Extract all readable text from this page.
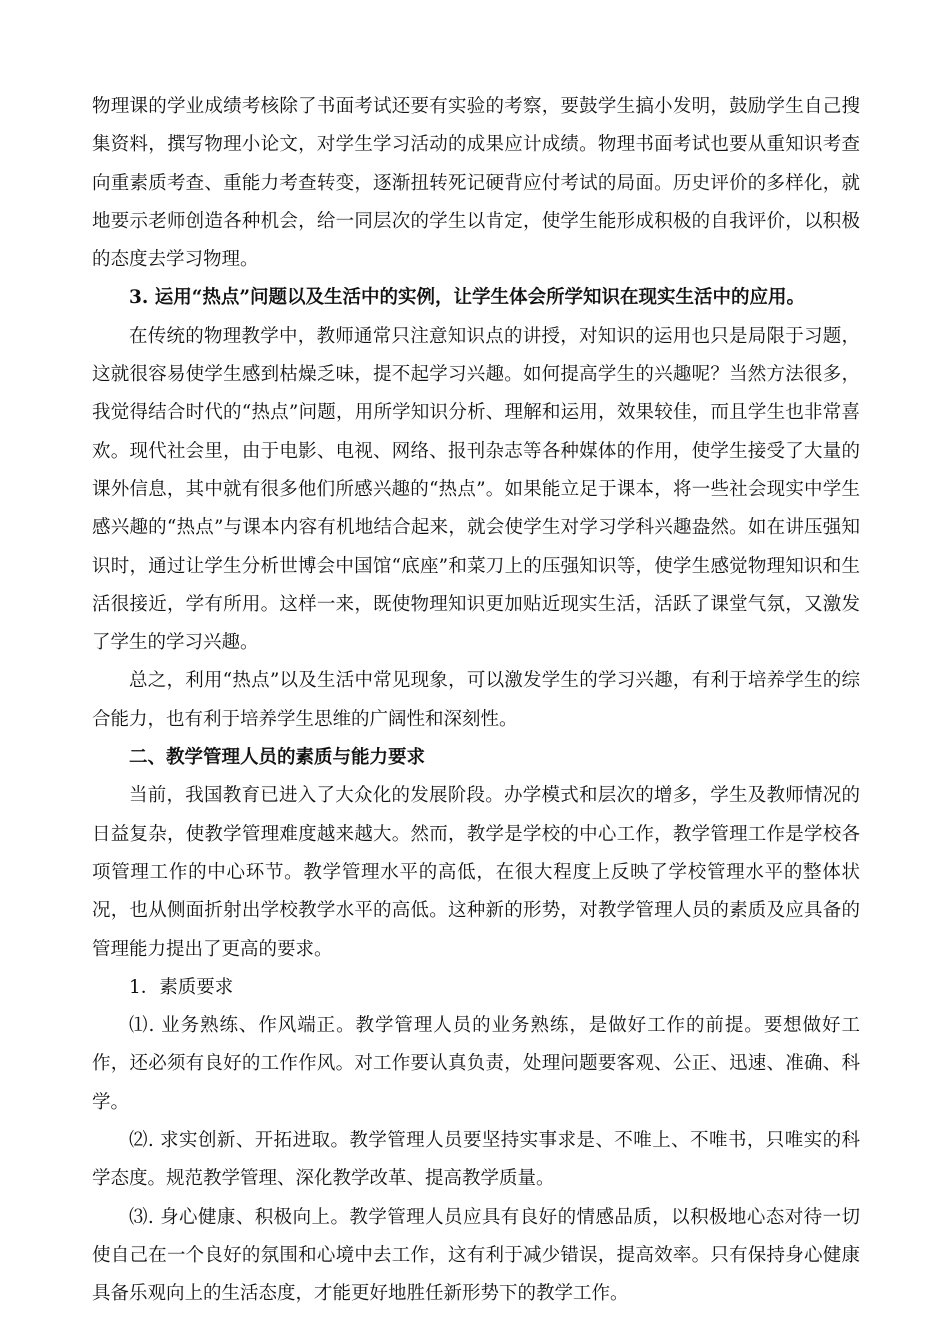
物理课的学业成绩考核除了书面考试还要有实验的考察，要鼓学生搞小发明，鼓励学生自己搜集资料，撰写物理小论文，对学生学习活动的成果应计成绩。物理书面考试也要从重知识考查向重素质考查、重能力考查转变，逐渐扭转死记硬背应付考试的局面。历史评价的多样化，就地要示老师创造各种机会，给一同层次的学生以肯定，使学生能形成积极的自我评价，以积极的态度去学习物理。

3. 运用“热点”问题以及生活中的实例，让学生体会所学知识在现实生活中的应用。

在传统的物理教学中，教师通常只注意知识点的讲授，对知识的运用也只是局限于习题，这就很容易使学生感到枯燥乏味，提不起学习兴趣。如何提高学生的兴趣呢？当然方法很多，我觉得结合时代的“热点”问题，用所学知识分析、理解和运用，效果较佳，而且学生也非常喜欢。现代社会里，由于电影、电视、网络、报刊杂志等各种媒体的作用，使学生接受了大量的课外信息，其中就有很多他们所感兴趣的“热点”。如果能立足于课本，将一些社会现实中学生感兴趣的“热点”与课本内容有机地结合起来，就会使学生对学习学科兴趣盎然。如在讲压强知识时，通过让学生分析世博会中国馆“底座”和菜刀上的压强知识等，使学生感觉物理知识和生活很接近，学有所用。这样一来，既使物理知识更加贴近现实生活，活跃了课堂气氛，又激发了学生的学习兴趣。

总之，利用“热点”以及生活中常见现象，可以激发学生的学习兴趣，有利于培养学生的综合能力，也有利于培养学生思维的广阔性和深刻性。

二、教学管理人员的素质与能力要求

当前，我国教育已进入了大众化的发展阶段。办学模式和层次的增多，学生及教师情况的日益复杂，使教学管理难度越来越大。然而，教学是学校的中心工作，教学管理工作是学校各项管理工作的中心环节。教学管理水平的高低，在很大程度上反映了学校管理水平的整体状况，也从侧面折射出学校教学水平的高低。这种新的形势，对教学管理人员的素质及应具备的管理能力提出了更高的要求。

1．素质要求

⑴. 业务熟练、作风端正。教学管理人员的业务熟练，是做好工作的前提。要想做好工作，还必须有良好的工作作风。对工作要认真负责，处理问题要客观、公正、迅速、准确、科学。

⑵. 求实创新、开拓进取。教学管理人员要坚持实事求是、不唯上、不唯书，只唯实的科学态度。规范教学管理、深化教学改革、提高教学质量。

⑶. 身心健康、积极向上。教学管理人员应具有良好的情感品质，以积极地心态对待一切使自己在一个良好的氛围和心境中去工作，这有利于减少错误，提高效率。只有保持身心健康具备乐观向上的生活态度，才能更好地胜任新形势下的教学工作。
